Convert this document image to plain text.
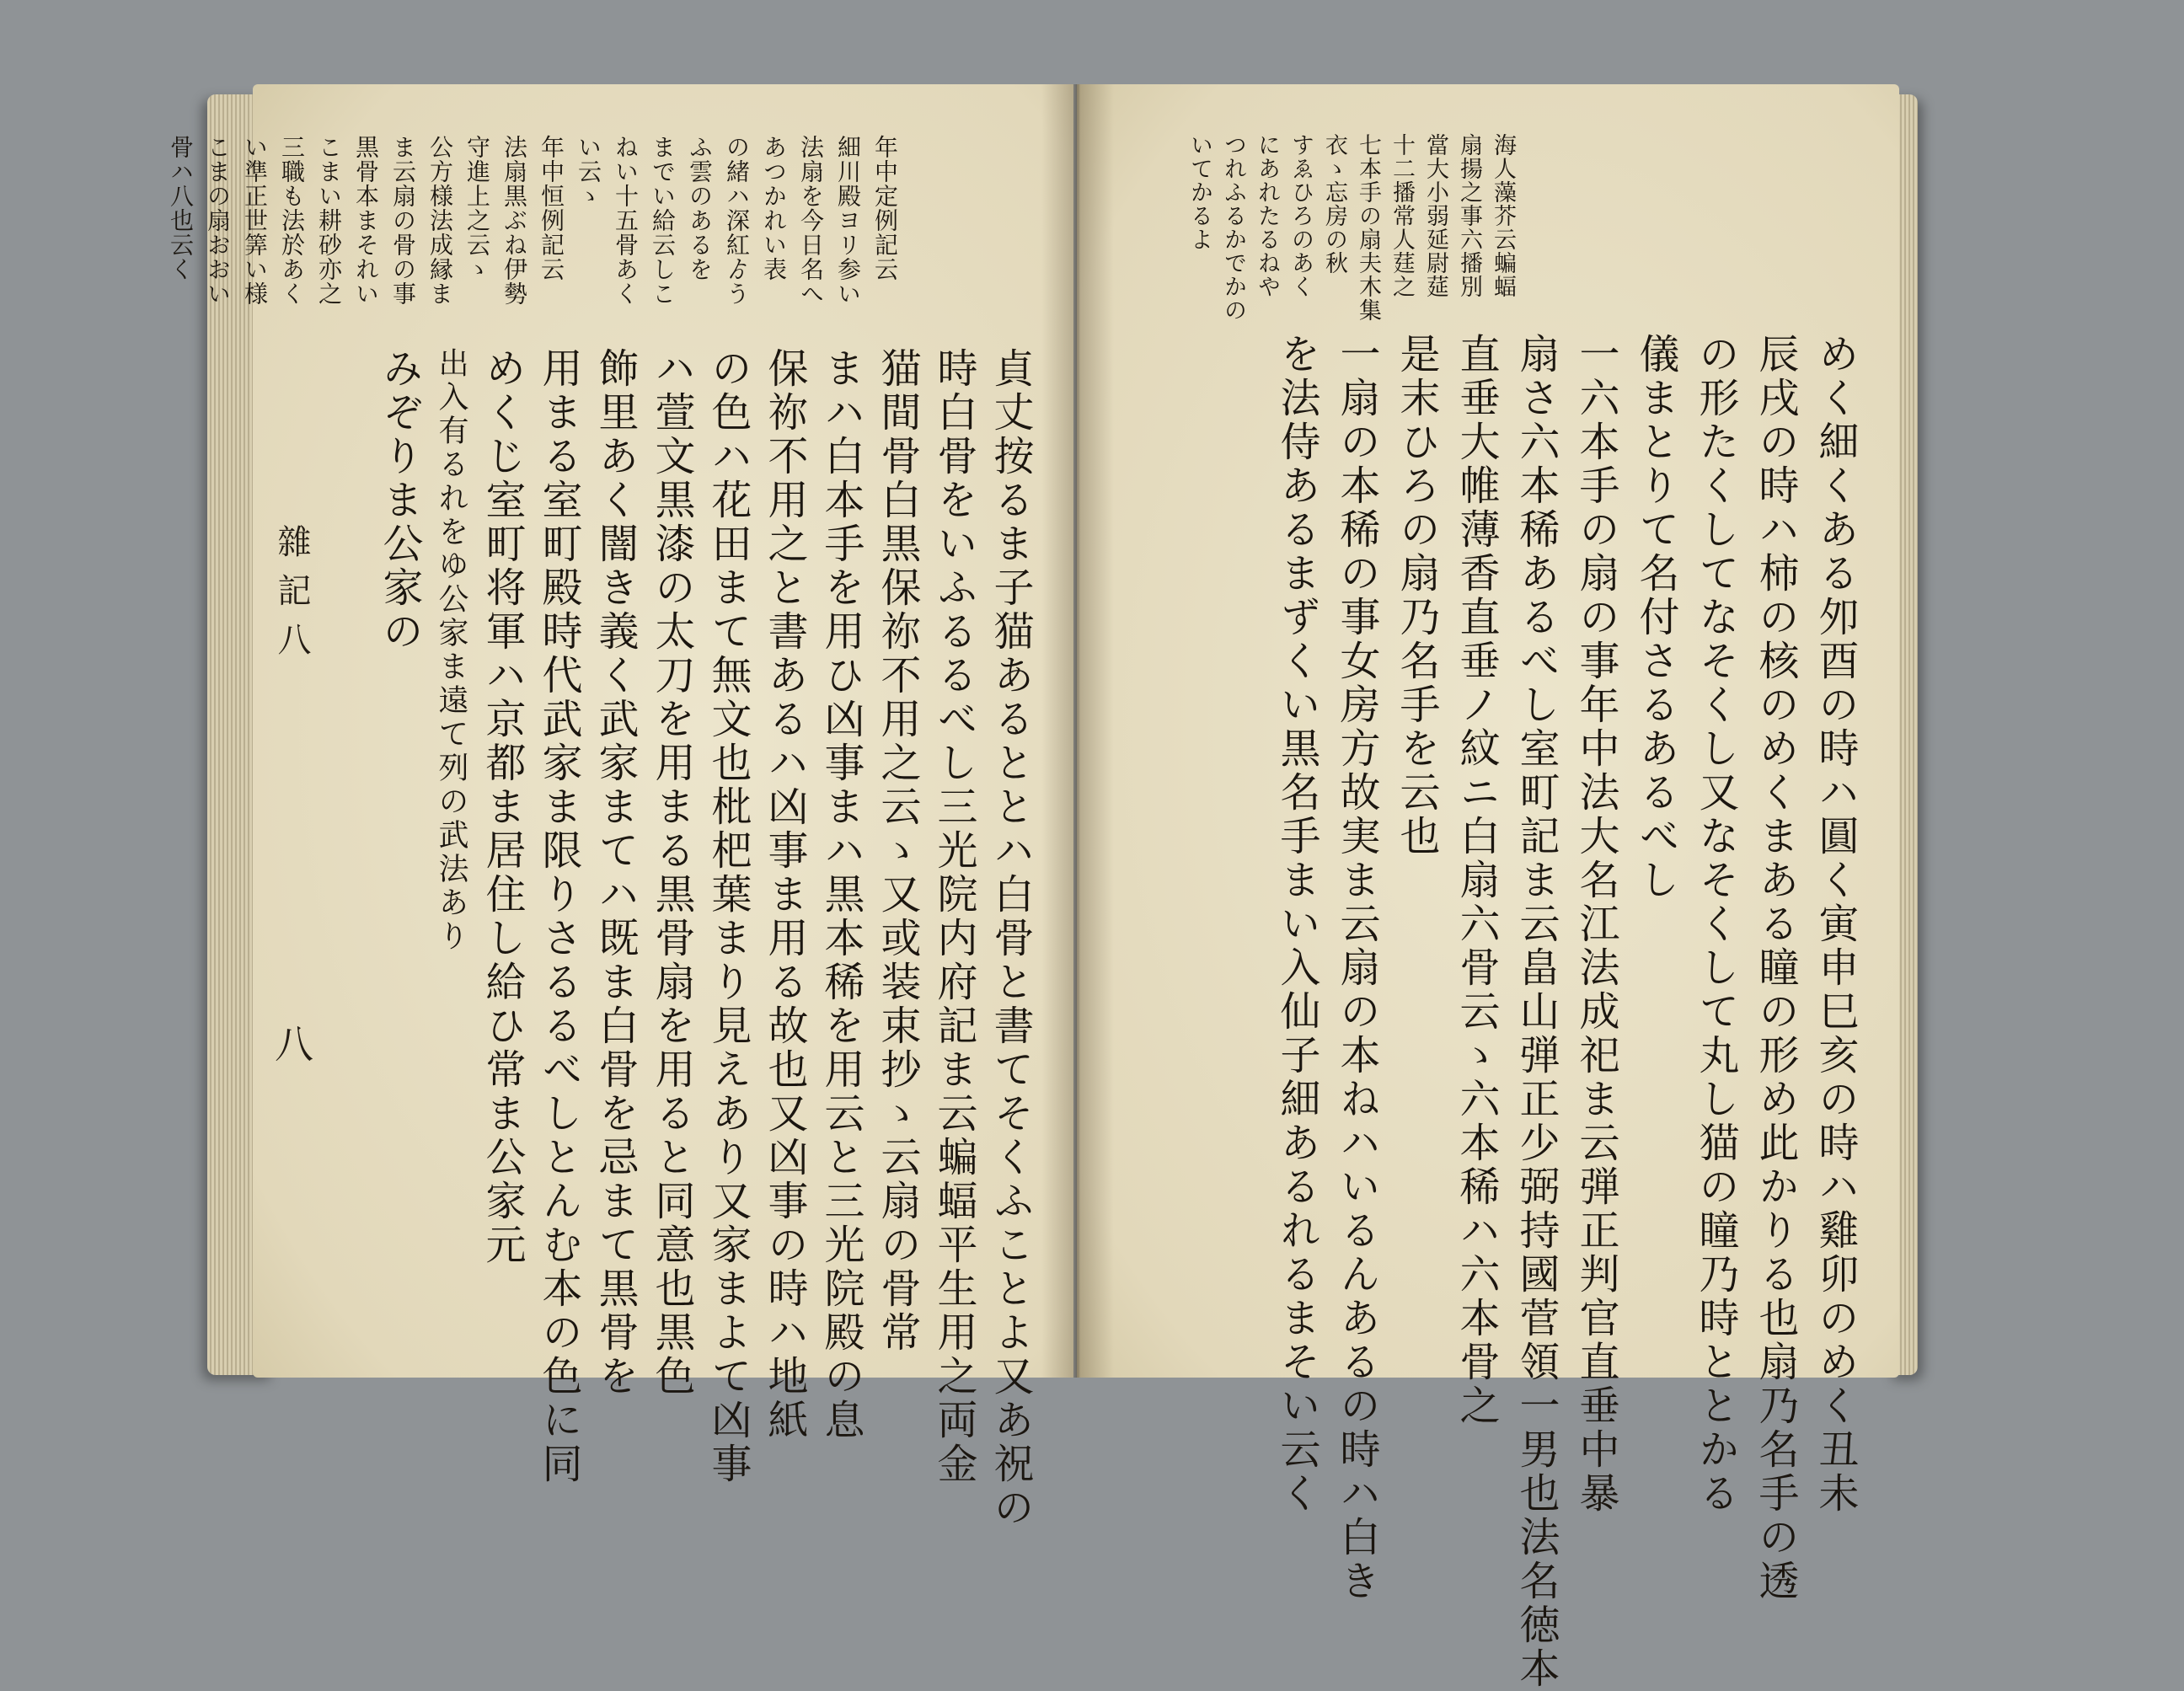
海人藻芥云蝙蝠
扇揚之事六播別
當大小弱延尉莚
十二播常人莛之
七本手の扇夫木集
衣ゝ忘房の秋
すゑひろのあく
にあれたるねや
つれふるかでかの
いてかるよ
めく細くある夘酉の時ハ圓く寅申巳亥の時ハ雞卯のめく丑未
辰戌の時ハ柿の核のめくまある瞳の形め此かりる也扇乃名手の透
の形たくしてなそくし又なそくして丸し猫の瞳乃時ととかる
儀まとりて名付さるあるべし
一六本手の扇の事年中法大名江法成祀ま云弾正判官直垂中暴
扇さ六本稀あるべし室町記ま云畠山弾正少弼持國菅領一男也法名徳本
直垂大帷薄香直垂ノ紋ニ白扇六骨云ゝ六本稀ハ六本骨之
是末ひろの扇乃名手を云也
一扇の本稀の事女房方故実ま云扇の本ねハいるんあるの時ハ白き
を法侍あるまずくい黒名手まい入仙子細あるれるまそい云く
年中定例記云
細川殿ヨリ参い
法扇を今日名へ
あつかれい表
の緒ハ深紅ゟう
ふ雲のあるを
までい給云しこ
ねい十五骨あく
い云ゝ
年中恒例記云
法扇黒ぶね伊勢
守進上之云ゝ
公方様法成縁ま
ま云扇の骨の事
黒骨本まそれい
こまい耕砂亦之
三職も法於あく
い準正世筭い様
こまの扇おおい
骨ハ八也云く
貞丈按るま子猫あるととハ白骨と書てそくふことよ又あ祝の
時白骨をいふるるべし三光院内府記ま云蝙蝠平生用之両金
猫間骨白黒保祢不用之云ゝ又或装束抄ゝ云扇の骨常
まハ白本手を用ひ凶事まハ黒本稀を用云と三光院殿の息
保祢不用之と書あるハ凶事ま用る故也又凶事の時ハ地紙
の色ハ花田まて無文也枇杷葉まり見えあり又家まよて凶事
ハ萱文黒漆の太刀を用まる黒骨扇を用ると同意也黒色
飾里あく闇き義く武家まてハ既ま白骨を忌まて黒骨を
用まる室町殿時代武家ま限りさるるべしとんむ本の色に同
めくじ室町将軍ハ京都ま居住し給ひ常ま公家元
出入有るれをゆ公家ま遠て列の武法あり
みぞりま公家の
雜記八
八
